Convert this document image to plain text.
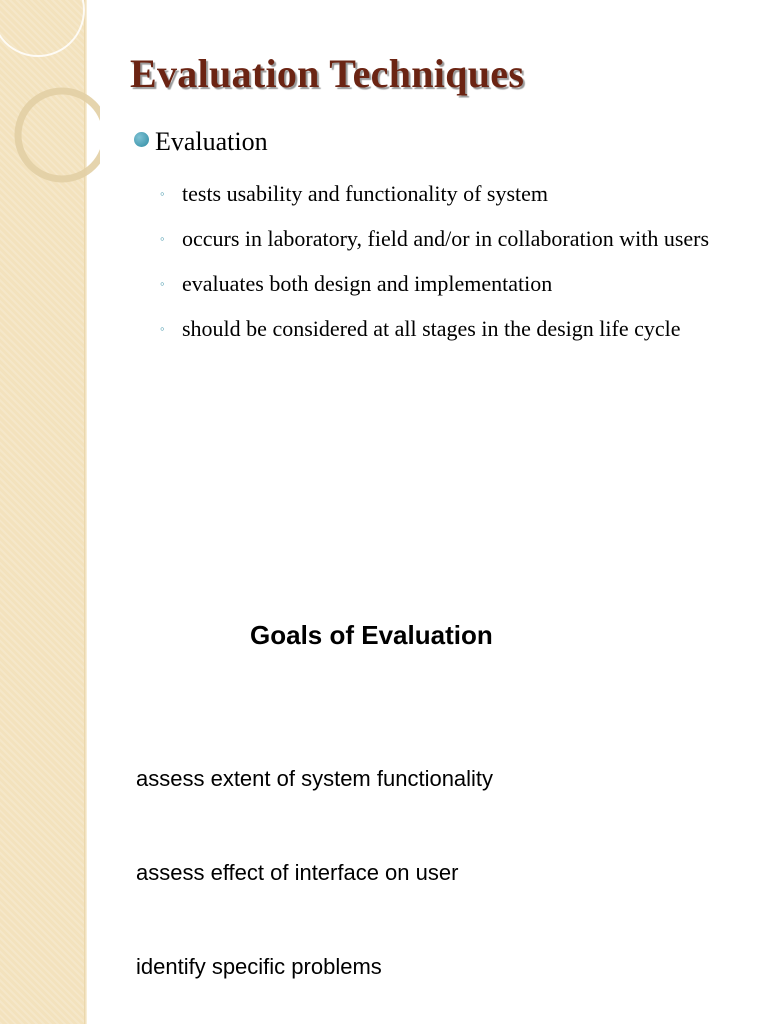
Evaluation Techniques
Evaluation
◦ tests usability and functionality of system
◦ occurs in laboratory, field and/or in collaboration with users
◦ evaluates both design and implementation
◦ should be considered at all stages in the design life cycle
Goals of Evaluation
assess extent of system functionality
assess effect of interface on user
identify specific problems
